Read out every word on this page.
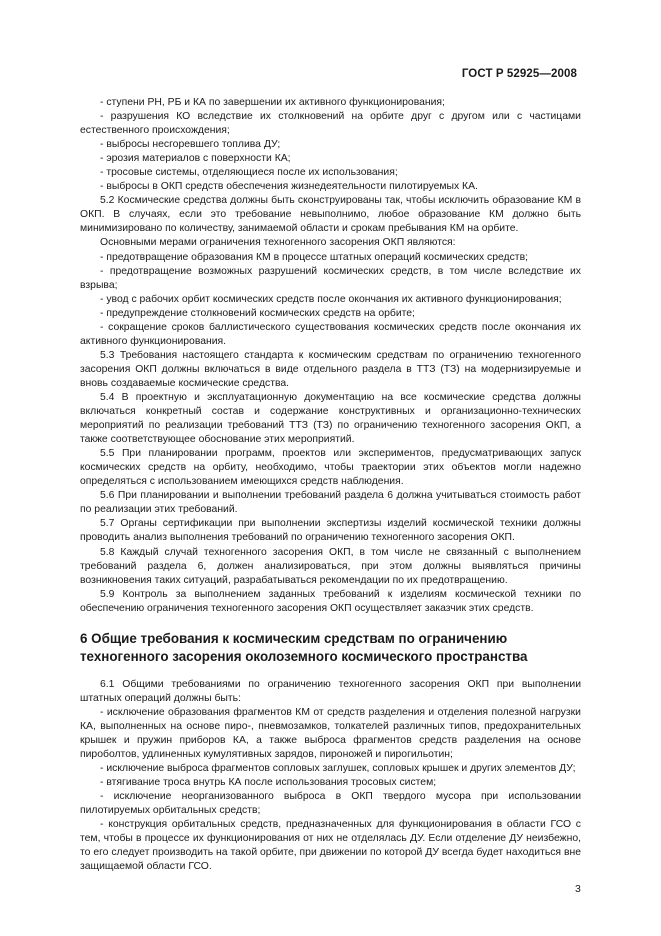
ГОСТ Р 52925—2008

- ступени РН, РБ и КА по завершении их активного функционирования;

- разрушения КО вследствие их столкновений на орбите друг с другом или с частицами естественного происхождения;

- выбросы несгоревшего топлива ДУ;

- эрозия материалов с поверхности КА;

- тросовые системы, отделяющиеся после их использования;

- выбросы в ОКП средств обеспечения жизнедеятельности пилотируемых КА.

5.2 Космические средства должны быть сконструированы так, чтобы исключить образование КМ в ОКП. В случаях, если это требование невыполнимо, любое образование КМ должно быть минимизировано по количеству, занимаемой области и срокам пребывания КМ на орбите.

Основными мерами ограничения техногенного засорения ОКП являются:

- предотвращение образования КМ в процессе штатных операций космических средств;

- предотвращение возможных разрушений космических средств, в том числе вследствие их взрыва;

- увод с рабочих орбит космических средств после окончания их активного функционирования;

- предупреждение столкновений космических средств на орбите;

- сокращение сроков баллистического существования космических средств после окончания их активного функционирования.

5.3 Требования настоящего стандарта к космическим средствам по ограничению техногенного засорения ОКП должны включаться в виде отдельного раздела в ТТЗ (ТЗ) на модернизируемые и вновь создаваемые космические средства.

5.4 В проектную и эксплуатационную документацию на все космические средства должны включаться конкретный состав и содержание конструктивных и организационно-технических мероприятий по реализации требований ТТЗ (ТЗ) по ограничению техногенного засорения ОКП, а также соответствующее обоснование этих мероприятий.

5.5 При планировании программ, проектов или экспериментов, предусматривающих запуск космических средств на орбиту, необходимо, чтобы траектории этих объектов могли надежно определяться с использованием имеющихся средств наблюдения.

5.6 При планировании и выполнении требований раздела 6 должна учитываться стоимость работ по реализации этих требований.

5.7 Органы сертификации при выполнении экспертизы изделий космической техники должны проводить анализ выполнения требований по ограничению техногенного засорения ОКП.

5.8 Каждый случай техногенного засорения ОКП, в том числе не связанный с выполнением требований раздела 6, должен анализироваться, при этом должны выявляться причины возникновения таких ситуаций, разрабатываться рекомендации по их предотвращению.

5.9 Контроль за выполнением заданных требований к изделиям космической техники по обеспечению ограничения техногенного засорения ОКП осуществляет заказчик этих средств.

6 Общие требования к космическим средствам по ограничению техногенного засорения околоземного космического пространства

6.1 Общими требованиями по ограничению техногенного засорения ОКП при выполнении штатных операций должны быть:

- исключение образования фрагментов КМ от средств разделения и отделения полезной нагрузки КА, выполненных на основе пиро-, пневмозамков, толкателей различных типов, предохранительных крышек и пружин приборов КА, а также выброса фрагментов средств разделения на основе пироболтов, удлиненных кумулятивных зарядов, пироножей и пирогильотин;

- исключение выброса фрагментов сопловых заглушек, сопловых крышек и других элементов ДУ;

- втягивание троса внутрь КА после использования тросовых систем;

- исключение неорганизованного выброса в ОКП твердого мусора при использовании пилотируемых орбитальных средств;

- конструкция орбитальных средств, предназначенных для функционирования в области ГСО с тем, чтобы в процессе их функционирования от них не отделялась ДУ. Если отделение ДУ неизбежно, то его следует производить на такой орбите, при движении по которой ДУ всегда будет находиться вне защищаемой области ГСО.

3
